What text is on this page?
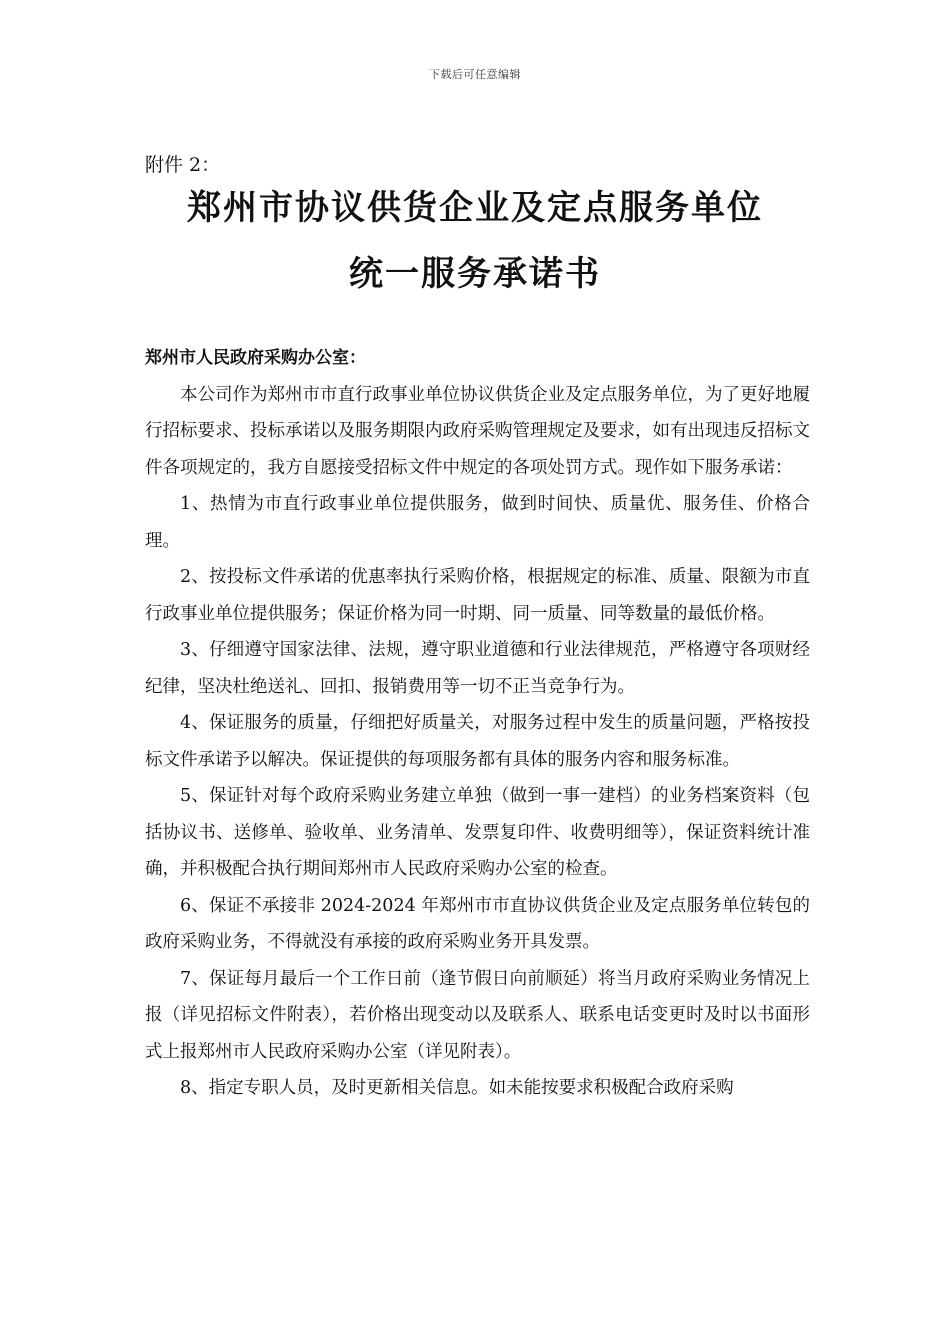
下载后可任意编辑
附件 2：
郑州市协议供货企业及定点服务单位
统一服务承诺书

郑州市人民政府采购办公室：

本公司作为郑州市市直行政事业单位协议供货企业及定点服务单位，为了更好地履行招标要求、投标承诺以及服务期限内政府采购管理规定及要求，如有出现违反招标文件各项规定的，我方自愿接受招标文件中规定的各项处罚方式。现作如下服务承诺：

1、热情为市直行政事业单位提供服务，做到时间快、质量优、服务佳、价格合理。

2、按投标文件承诺的优惠率执行采购价格，根据规定的标准、质量、限额为市直行政事业单位提供服务；保证价格为同一时期、同一质量、同等数量的最低价格。

3、仔细遵守国家法律、法规，遵守职业道德和行业法律规范，严格遵守各项财经纪律，坚决杜绝送礼、回扣、报销费用等一切不正当竞争行为。

4、保证服务的质量，仔细把好质量关，对服务过程中发生的质量问题，严格按投标文件承诺予以解决。保证提供的每项服务都有具体的服务内容和服务标准。

5、保证针对每个政府采购业务建立单独（做到一事一建档）的业务档案资料（包括协议书、送修单、验收单、业务清单、发票复印件、收费明细等），保证资料统计准确，并积极配合执行期间郑州市人民政府采购办公室的检查。

6、保证不承接非 2024-2024 年郑州市市直协议供货企业及定点服务单位转包的政府采购业务，不得就没有承接的政府采购业务开具发票。

7、保证每月最后一个工作日前（逢节假日向前顺延）将当月政府采购业务情况上报（详见招标文件附表），若价格出现变动以及联系人、联系电话变更时及时以书面形式上报郑州市人民政府采购办公室（详见附表）。

8、指定专职人员，及时更新相关信息。如未能按要求积极配合政府采购
